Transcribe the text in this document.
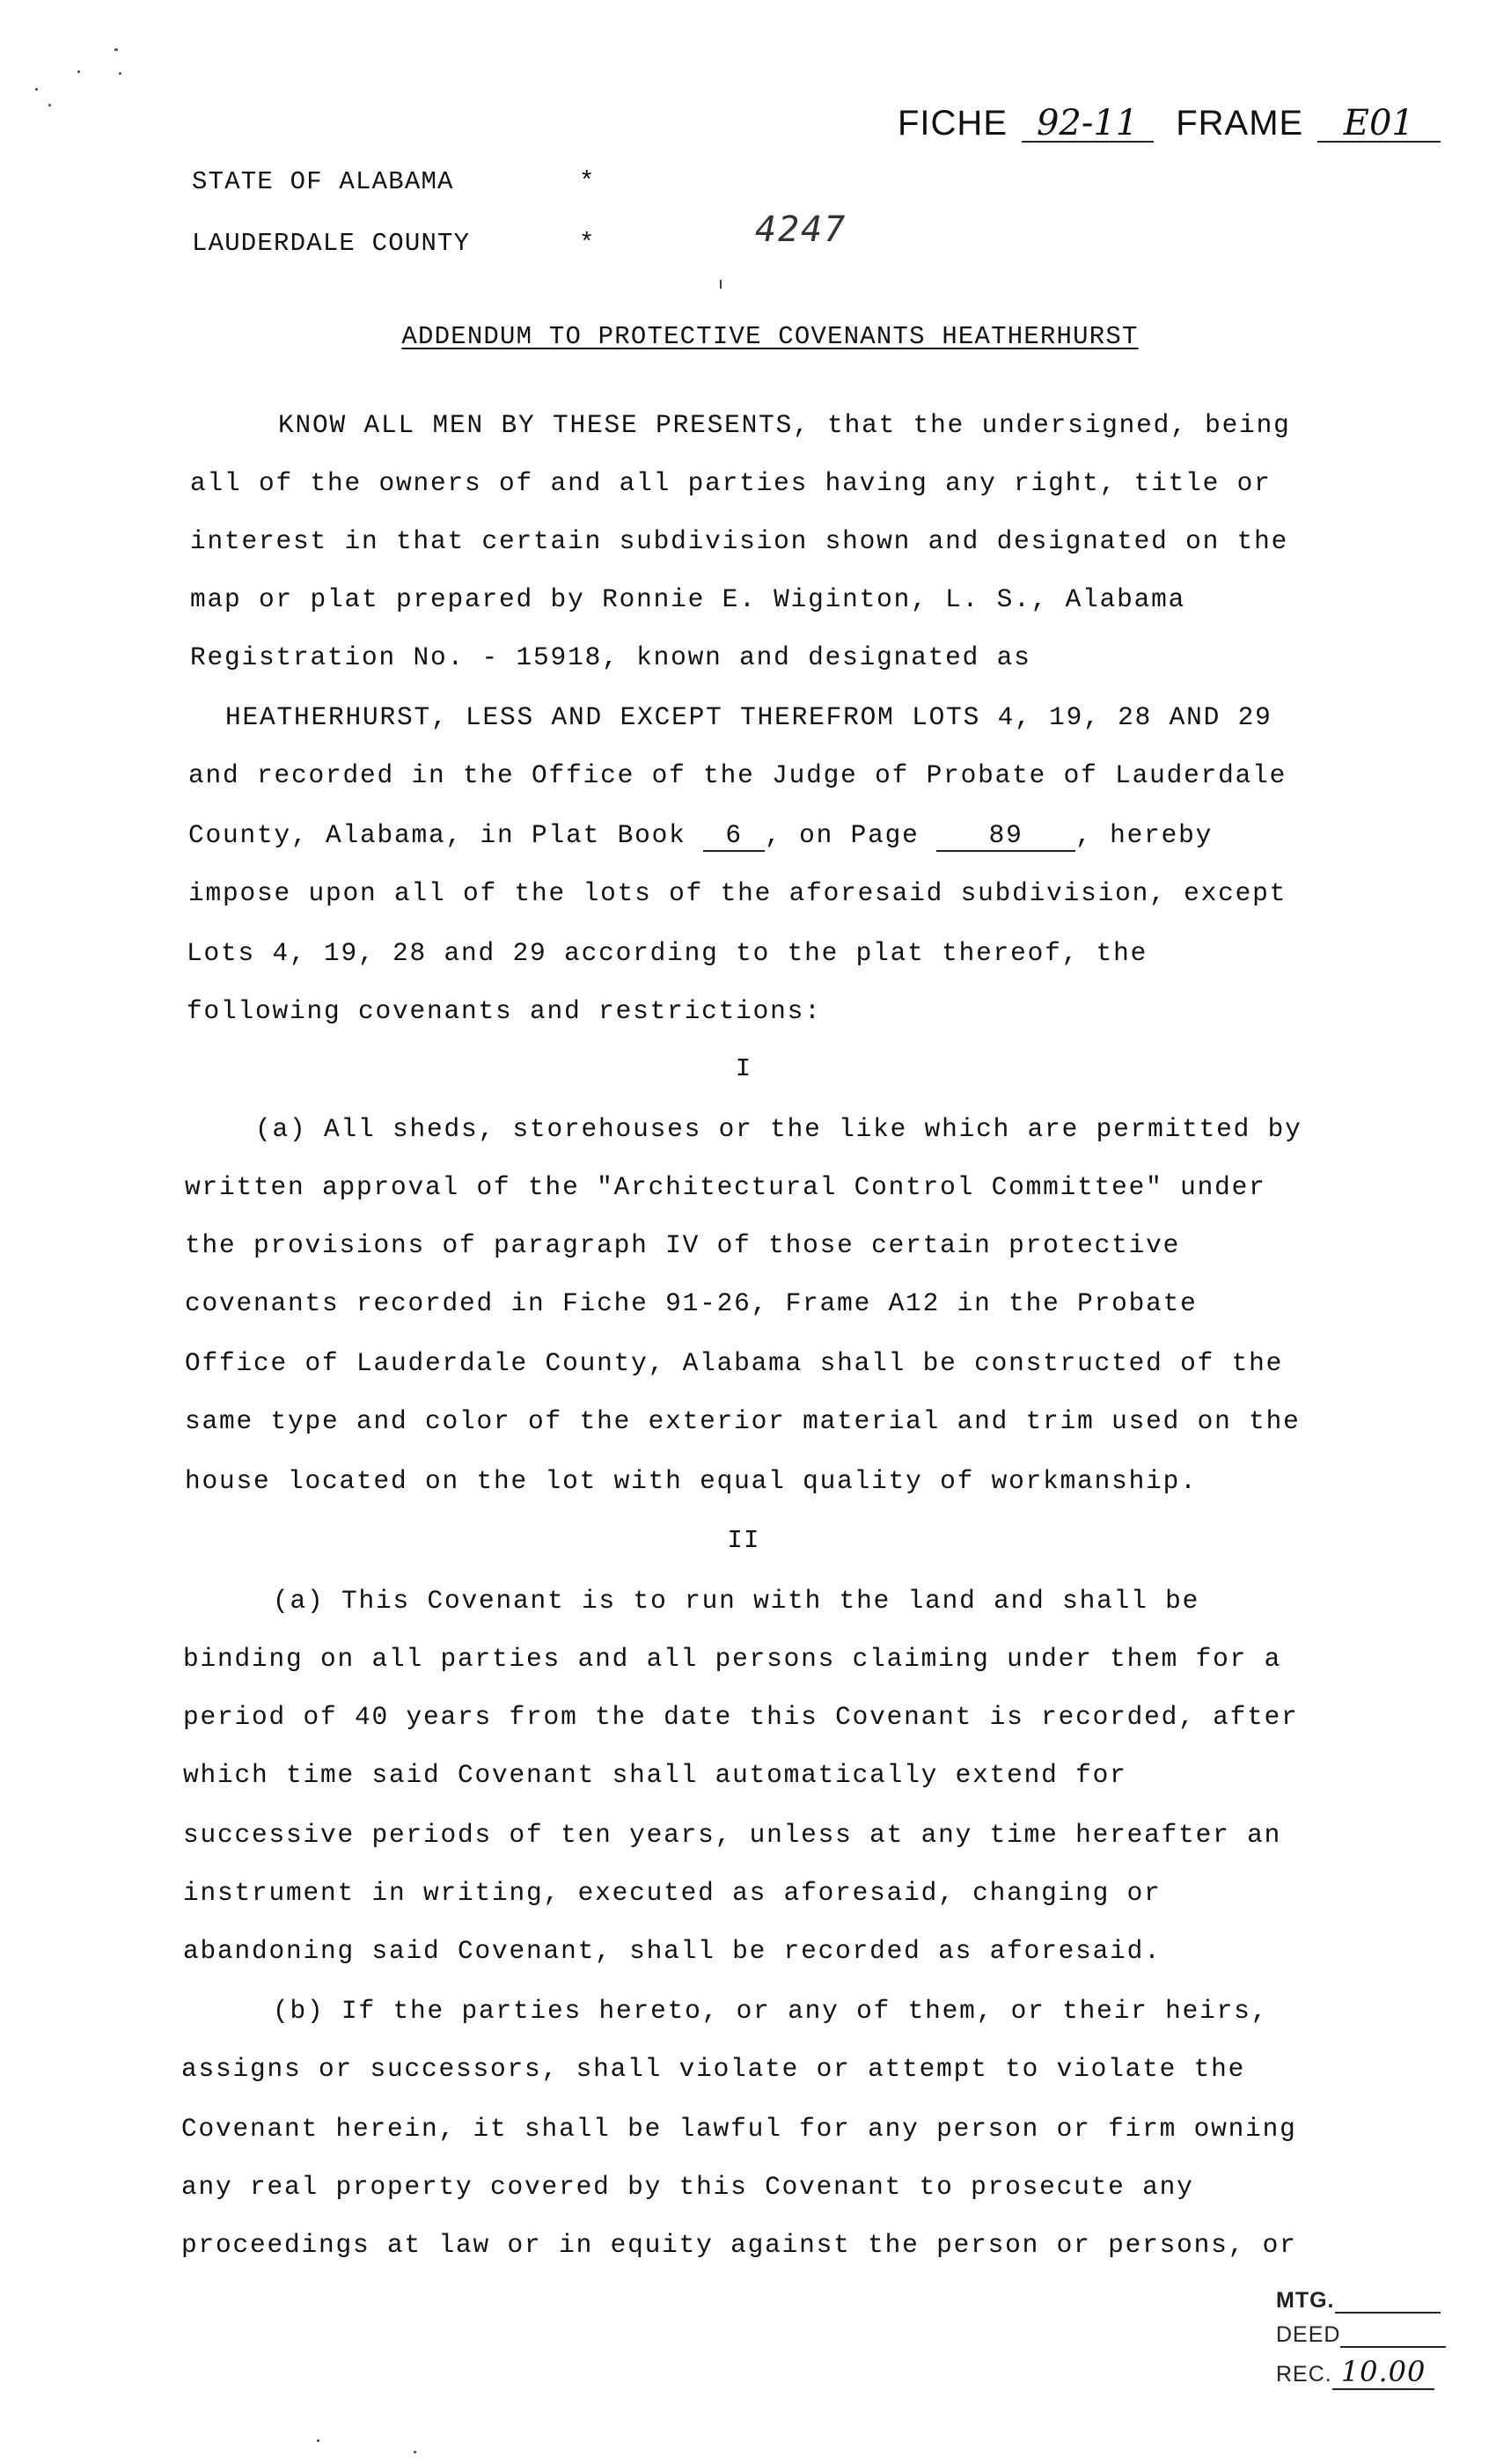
FICHE 92-11 FRAME E01
STATE OF ALABAMA	*
LAUDERDALE COUNTY	*	4247
ADDENDUM TO PROTECTIVE COVENANTS HEATHERHURST
KNOW ALL MEN BY THESE PRESENTS, that the undersigned, being
all of the owners of and all parties having any right, title or
interest in that certain subdivision shown and designated on the
map or plat prepared by Ronnie E. Wiginton, L. S., Alabama
Registration No. - 15918, known and designated as
HEATHERHURST, LESS AND EXCEPT THEREFROM LOTS 4, 19, 28 AND 29
and recorded in the Office of the Judge of Probate of Lauderdale
County, Alabama, in Plat Book 6 , on Page	89 , hereby
impose upon all of the lots of the aforesaid subdivision, except
Lots 4, 19, 28 and 29 according to the plat thereof, the
following covenants and restrictions:
I
(a) All sheds, storehouses or the like which are permitted by
written approval of the "Architectural Control Committee" under
the provisions of paragraph IV of those certain protective
covenants recorded in Fiche 91-26, Frame A12 in the Probate
Office of Lauderdale County, Alabama shall be constructed of the
same type and color of the exterior material and trim used on the
house located on the lot with equal quality of workmanship.
II
(a) This Covenant is to run with the land and shall be
binding on all parties and all persons claiming under them for a
period of 40 years from the date this Covenant is recorded, after
which time said Covenant shall automatically extend for
successive periods of ten years, unless at any time hereafter an
instrument in writing, executed as aforesaid, changing or
abandoning said Covenant, shall be recorded as aforesaid.
(b) If the parties hereto, or any of them, or their heirs,
assigns or successors, shall violate or attempt to violate the
Covenant herein, it shall be lawful for any person or firm owning
any real property covered by this Covenant to prosecute any
proceedings at law or in equity against the person or persons, or
MTG.
DEED
REC. 10.00
